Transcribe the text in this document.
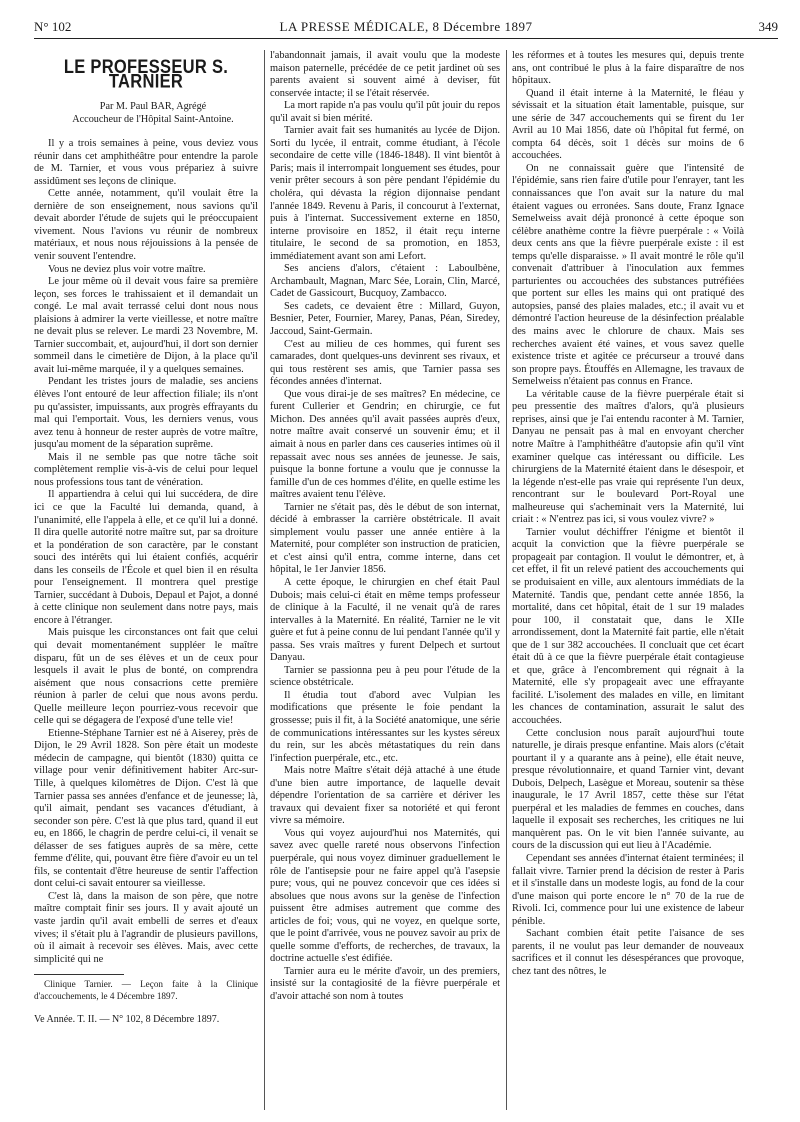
N° 102	LA PRESSE MÉDICALE, 8 Décembre 1897	349
LE PROFESSEUR S. TARNIER

Par M. Paul BAR, Agrégé

Accoucheur de l'Hôpital Saint-Antoine.

Il y a trois semaines à peine, vous deviez vous réunir dans cet amphithéâtre pour entendre la parole de M. Tarnier, et vous vous prépariez à suivre assidûment ses leçons de clinique.

Cette année, notamment, qu'il voulait être la dernière de son enseignement, nous savions qu'il devait aborder l'étude de sujets qui le préoccupaient vivement. Nous l'avions vu réunir de nombreux matériaux, et nous nous réjouissions à la pensée de venir souvent l'entendre.

Vous ne deviez plus voir votre maître.

Le jour même où il devait vous faire sa première leçon, ses forces le trahissaient et il demandait un congé. Le mal avait terrassé celui dont nous nous plaisions à admirer la verte vieillesse, et notre maître ne devait plus se relever. Le mardi 23 Novembre, M. Tarnier succombait, et, aujourd'hui, il dort son dernier sommeil dans le cimetière de Dijon, à la place qu'il avait lui-même marquée, il y a quelques semaines.

Pendant les tristes jours de maladie, ses anciens élèves l'ont entouré de leur affection filiale; ils n'ont pu qu'assister, impuissants, aux progrès effrayants du mal qui l'emportait. Vous, les derniers venus, vous avez tenu à honneur de rester auprès de votre maître, jusqu'au moment de la séparation suprême.

Mais il ne semble pas que notre tâche soit complètement remplie vis-à-vis de celui pour lequel nous professions tous tant de vénération.

Il appartiendra à celui qui lui succédera, de dire ici ce que la Faculté lui demanda, quand, à l'unanimité, elle l'appela à elle, et ce qu'il lui a donné. Il dira quelle autorité notre maître sut, par sa droiture et la pondération de son caractère, par le constant souci des intérêts qui lui étaient confiés, acquérir dans les conseils de l'École et quel bien il en résulta pour l'enseignement. Il montrera quel prestige Tarnier, succédant à Dubois, Depaul et Pajot, a donné à cette clinique non seulement dans notre pays, mais encore à l'étranger.

Mais puisque les circonstances ont fait que celui qui devait momentanément suppléer le maître disparu, fût un de ses élèves et un de ceux pour lesquels il avait le plus de bonté, on comprendra aisément que nous consacrions cette première réunion à parler de celui que nous avons perdu. Quelle meilleure leçon pourriez-vous recevoir que celle qui se dégagera de l'exposé d'une telle vie!

Etienne-Stéphane Tarnier est né à Aiserey, près de Dijon, le 29 Avril 1828. Son père était un modeste médecin de campagne, qui bientôt (1830) quitta ce village pour venir définitivement habiter Arc-sur-Tille, à quelques kilomètres de Dijon. C'est là que Tarnier passa ses années d'enfance et de jeunesse; là, qu'il aimait, pendant ses vacances d'étudiant, à seconder son père. C'est là que plus tard, quand il eut eu, en 1866, le chagrin de perdre celui-ci, il venait se délasser de ses fatigues auprès de sa mère, cette femme d'élite, qui, pouvant être fière d'avoir eu un tel fils, se contentait d'être heureuse de sentir l'affection dont celui-ci savait entourer sa vieillesse.

C'est là, dans la maison de son père, que notre maître comptait finir ses jours. Il y avait ajouté un vaste jardin qu'il avait embelli de serres et d'eaux vives; il s'était plu à l'agrandir de plusieurs pavillons, où il aimait à recevoir ses élèves. Mais, avec cette simplicité qui ne

Clinique Tarnier. — Leçon faite à la Clinique d'accouchements, le 4 Décembre 1897.

Ve Année. T. II. — N° 102, 8 Décembre 1897.

l'abandonnait jamais, il avait voulu que la modeste maison paternelle, précédée de ce petit jardinet où ses parents avaient si souvent aimé à deviser, fût conservée intacte; il se l'était réservée.

La mort rapide n'a pas voulu qu'il pût jouir du repos qu'il avait si bien mérité.

Tarnier avait fait ses humanités au lycée de Dijon. Sorti du lycée, il entrait, comme étudiant, à l'école secondaire de cette ville (1846-1848). Il vint bientôt à Paris; mais il interrompait longuement ses études, pour venir prêter secours à son père pendant l'épidémie du choléra, qui dévasta la région dijonnaise pendant l'année 1849. Revenu à Paris, il concourut à l'externat, puis à l'internat. Successivement externe en 1850, interne provisoire en 1852, il était reçu interne titulaire, le second de sa promotion, en 1853, immédiatement avant son ami Lefort.

Ses anciens d'alors, c'étaient : Laboulbène, Archambault, Magnan, Marc Sée, Lorain, Clin, Marcé, Cadet de Gassicourt, Bucquoy, Zambacco.

Ses cadets, ce devaient être : Millard, Guyon, Besnier, Peter, Fournier, Marey, Panas, Péan, Siredey, Jaccoud, Saint-Germain.

C'est au milieu de ces hommes, qui furent ses camarades, dont quelques-uns devinrent ses rivaux, et qui tous restèrent ses amis, que Tarnier passa ses fécondes années d'internat.

Que vous dirai-je de ses maîtres? En médecine, ce furent Cullerier et Gendrin; en chirurgie, ce fut Michon. Des années qu'il avait passées auprès d'eux, notre maître avait conservé un souvenir ému; et il aimait à nous en parler dans ces causeries intimes où il repassait avec nous ses années de jeunesse. Je sais, puisque la bonne fortune a voulu que je connusse la famille d'un de ces hommes d'élite, en quelle estime les maîtres avaient tenu l'élève.

Tarnier ne s'était pas, dès le début de son internat, décidé à embrasser la carrière obstétricale. Il avait simplement voulu passer une année entière à la Maternité, pour compléter son instruction de praticien, et c'est ainsi qu'il entra, comme interne, dans cet hôpital, le 1er Janvier 1856.

A cette époque, le chirurgien en chef était Paul Dubois; mais celui-ci était en même temps professeur de clinique à la Faculté, il ne venait qu'à de rares intervalles à la Maternité. En réalité, Tarnier ne le vit guère et fut à peine connu de lui pendant l'année qu'il y passa. Ses vrais maîtres y furent Delpech et surtout Danyau.

Tarnier se passionna peu à peu pour l'étude de la science obstétricale.

Il étudia tout d'abord avec Vulpian les modifications que présente le foie pendant la grossesse; puis il fit, à la Société anatomique, une série de communications intéressantes sur les kystes séreux du rein, sur les abcès métastatiques du rein dans l'infection puerpérale, etc., etc.

Mais notre Maître s'était déjà attaché à une étude d'une bien autre importance, de laquelle devait dépendre l'orientation de sa carrière et dériver les travaux qui devaient fixer sa notoriété et qui feront vivre sa mémoire.

Vous qui voyez aujourd'hui nos Maternités, qui savez avec quelle rareté nous observons l'infection puerpérale, qui nous voyez diminuer graduellement le rôle de l'antisepsie pour ne faire appel qu'à l'asepsie pure; vous, qui ne pouvez concevoir que ces idées si absolues que nous avons sur la genèse de l'infection puissent être admises autrement que comme des articles de foi; vous, qui ne voyez, en quelque sorte, que le point d'arrivée, vous ne pouvez savoir au prix de quelle somme d'efforts, de recherches, de travaux, la doctrine actuelle s'est édifiée.

Tarnier aura eu le mérite d'avoir, un des premiers, insisté sur la contagiosité de la fièvre puerpérale et d'avoir attaché son nom à toutes

les réformes et à toutes les mesures qui, depuis trente ans, ont contribué le plus à la faire disparaître de nos hôpitaux.

Quand il était interne à la Maternité, le fléau y sévissait et la situation était lamentable, puisque, sur une série de 347 accouchements qui se firent du 1er Avril au 10 Mai 1856, date où l'hôpital fut fermé, on compta 64 décès, soit 1 décès sur moins de 6 accouchées.

On ne connaissait guère que l'intensité de l'épidémie, sans rien faire d'utile pour l'enrayer, tant les connaissances que l'on avait sur la nature du mal étaient vagues ou erronées. Sans doute, Franz Ignace Semelweiss avait déjà prononcé à cette époque son célèbre anathème contre la fièvre puerpérale : « Voilà deux cents ans que la fièvre puerpérale existe : il est temps qu'elle disparaisse. » Il avait montré le rôle qu'il convenait d'attribuer à l'inoculation aux femmes parturientes ou accouchées des substances putréfiées que portent sur elles les mains qui ont pratiqué des autopsies, pansé des plaies malades, etc.; il avait vu et démontré l'action heureuse de la désinfection préalable des mains avec le chlorure de chaux. Mais ses recherches avaient été vaines, et vous savez quelle existence triste et agitée ce précurseur a trouvé dans son propre pays. Étouffés en Allemagne, les travaux de Semelweiss n'étaient pas connus en France.

La véritable cause de la fièvre puerpérale était si peu pressentie des maîtres d'alors, qu'à plusieurs reprises, ainsi que je l'ai entendu raconter à M. Tarnier, Danyau ne pensait pas à mal en envoyant chercher notre Maître à l'amphithéâtre d'autopsie afin qu'il vînt examiner quelque cas intéressant ou difficile. Les chirurgiens de la Maternité étaient dans le désespoir, et la légende n'est-elle pas vraie qui représente l'un deux, rencontrant sur le boulevard Port-Royal une malheureuse qui s'acheminait vers la Maternité, lui criait : « N'entrez pas ici, si vous voulez vivre? »

Tarnier voulut déchiffrer l'énigme et bientôt il acquit la conviction que la fièvre puerpérale se propageait par contagion. Il voulut le démontrer, et, à cet effet, il fit un relevé patient des accouchements qui se produisaient en ville, aux alentours immédiats de la Maternité. Tandis que, pendant cette année 1856, la mortalité, dans cet hôpital, était de 1 sur 19 malades pour 100, il constatait que, dans le XIIe arrondissement, dont la Maternité fait partie, elle n'était que de 1 sur 382 accouchées. Il concluait que cet écart était dû à ce que la fièvre puerpérale était contagieuse et que, grâce à l'encombrement qui régnait à la Maternité, elle s'y propageait avec une effrayante facilité. L'isolement des malades en ville, en limitant les chances de contamination, assurait le salut des accouchées.

Cette conclusion nous paraît aujourd'hui toute naturelle, je dirais presque enfantine. Mais alors (c'était pourtant il y a quarante ans à peine), elle était neuve, presque révolutionnaire, et quand Tarnier vint, devant Dubois, Delpech, Lasègue et Moreau, soutenir sa thèse inaugurale, le 17 Avril 1857, cette thèse sur l'état puerpéral et les maladies de femmes en couches, dans laquelle il exposait ses recherches, les critiques ne lui manquèrent pas. On le vit bien l'année suivante, au cours de la discussion qui eut lieu à l'Académie.

Cependant ses années d'internat étaient terminées; il fallait vivre. Tarnier prend la décision de rester à Paris et il s'installe dans un modeste logis, au fond de la cour d'une maison qui porte encore le n° 70 de la rue de Rivoli. Ici, commence pour lui une existence de labeur pénible.

Sachant combien était petite l'aisance de ses parents, il ne voulut pas leur demander de nouveaux sacrifices et il connut les désespérances que provoque, chez tant des nôtres, le
